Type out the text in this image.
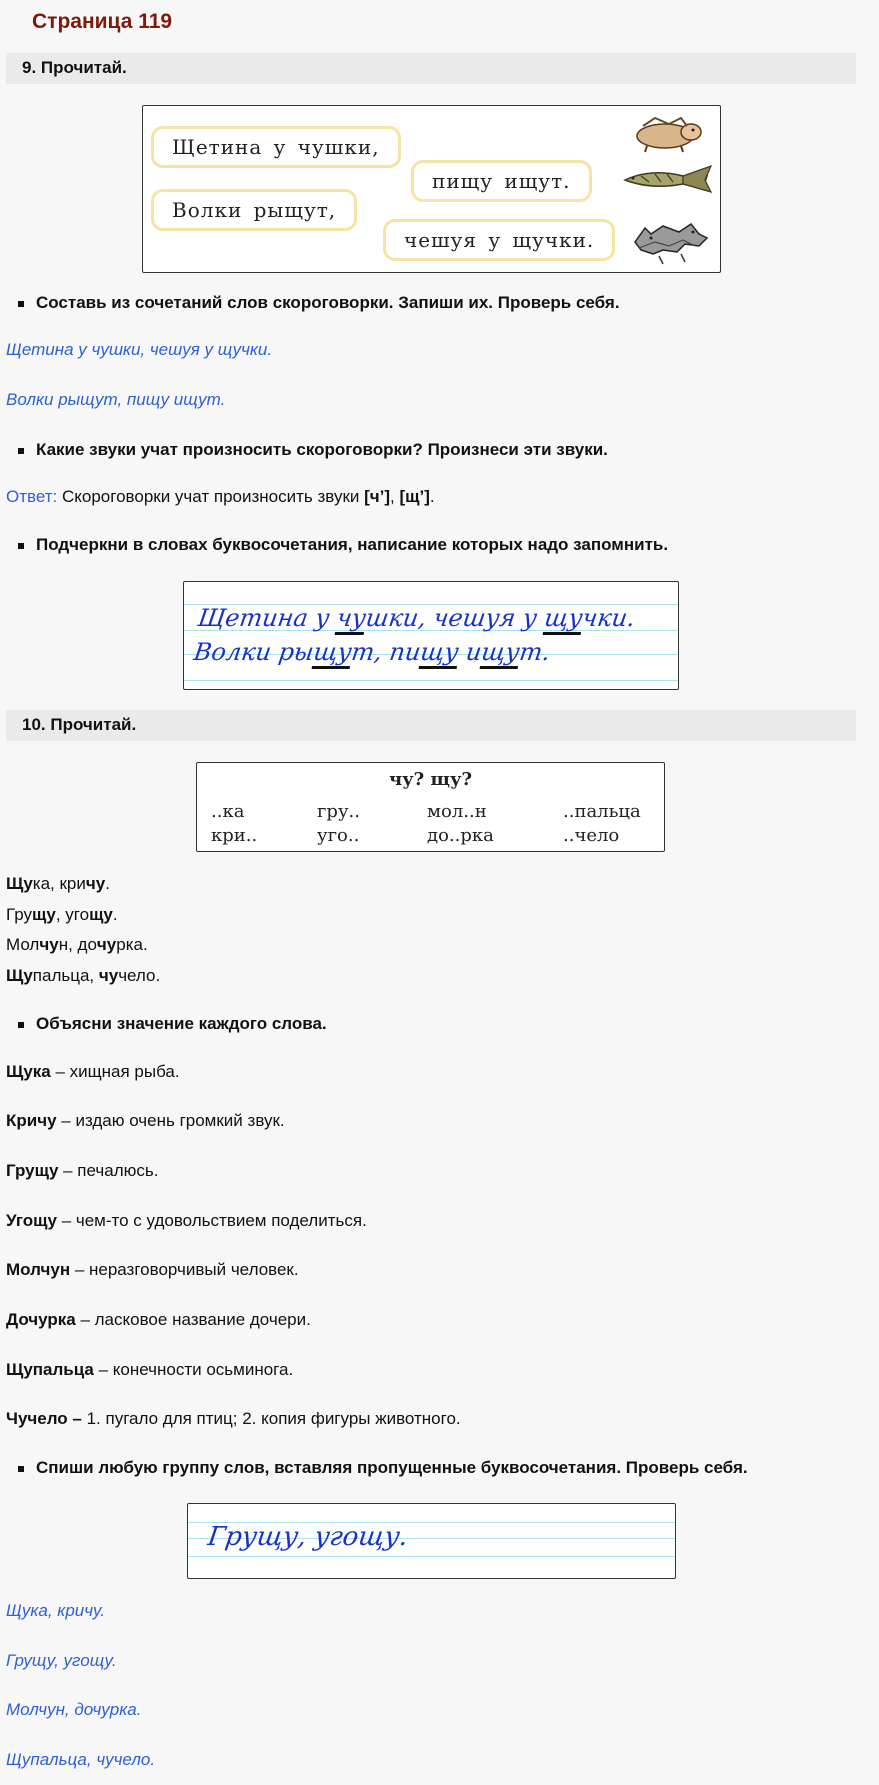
Страница 119
9. Прочитай.
Щетина у чушки,
пищу ищут.
Волки рыщут,
чешуя у щучки.
Составь из сочетаний слов скороговорки. Запиши их. Проверь себя.
Щетина у чушки, чешуя у щучки.
Волки рыщут, пищу ищут.
Какие звуки учат произносить скороговорки? Произнеси эти звуки.
Ответ: Скороговорки учат произносить звуки [ч’], [щ’].
Подчеркни в словах буквосочетания, написание которых надо запомнить.
Щетина у чушки, чешуя у щучки.
Волки рыщут, пищу ищут.
10. Прочитай.
чу? щу?
..ка	гру..	мол..н	..пальца
кри..	уго..	до..рка	..чело
Щука, кричу.
Грущу, угощу.
Молчун, дочурка.
Щупальца, чучело.
Объясни значение каждого слова.
Щука – хищная рыба.
Кричу – издаю очень громкий звук.
Грущу – печалюсь.
Угощу – чем-то с удовольствием поделиться.
Молчун – неразговорчивый человек.
Дочурка – ласковое название дочери.
Щупальца – конечности осьминога.
Чучело – 1. пугало для птиц; 2. копия фигуры животного.
Спиши любую группу слов, вставляя пропущенные буквосочетания. Проверь себя.
Грущу, угощу.
Щука, кричу.
Грущу, угощу.
Молчун, дочурка.
Щупальца, чучело.
